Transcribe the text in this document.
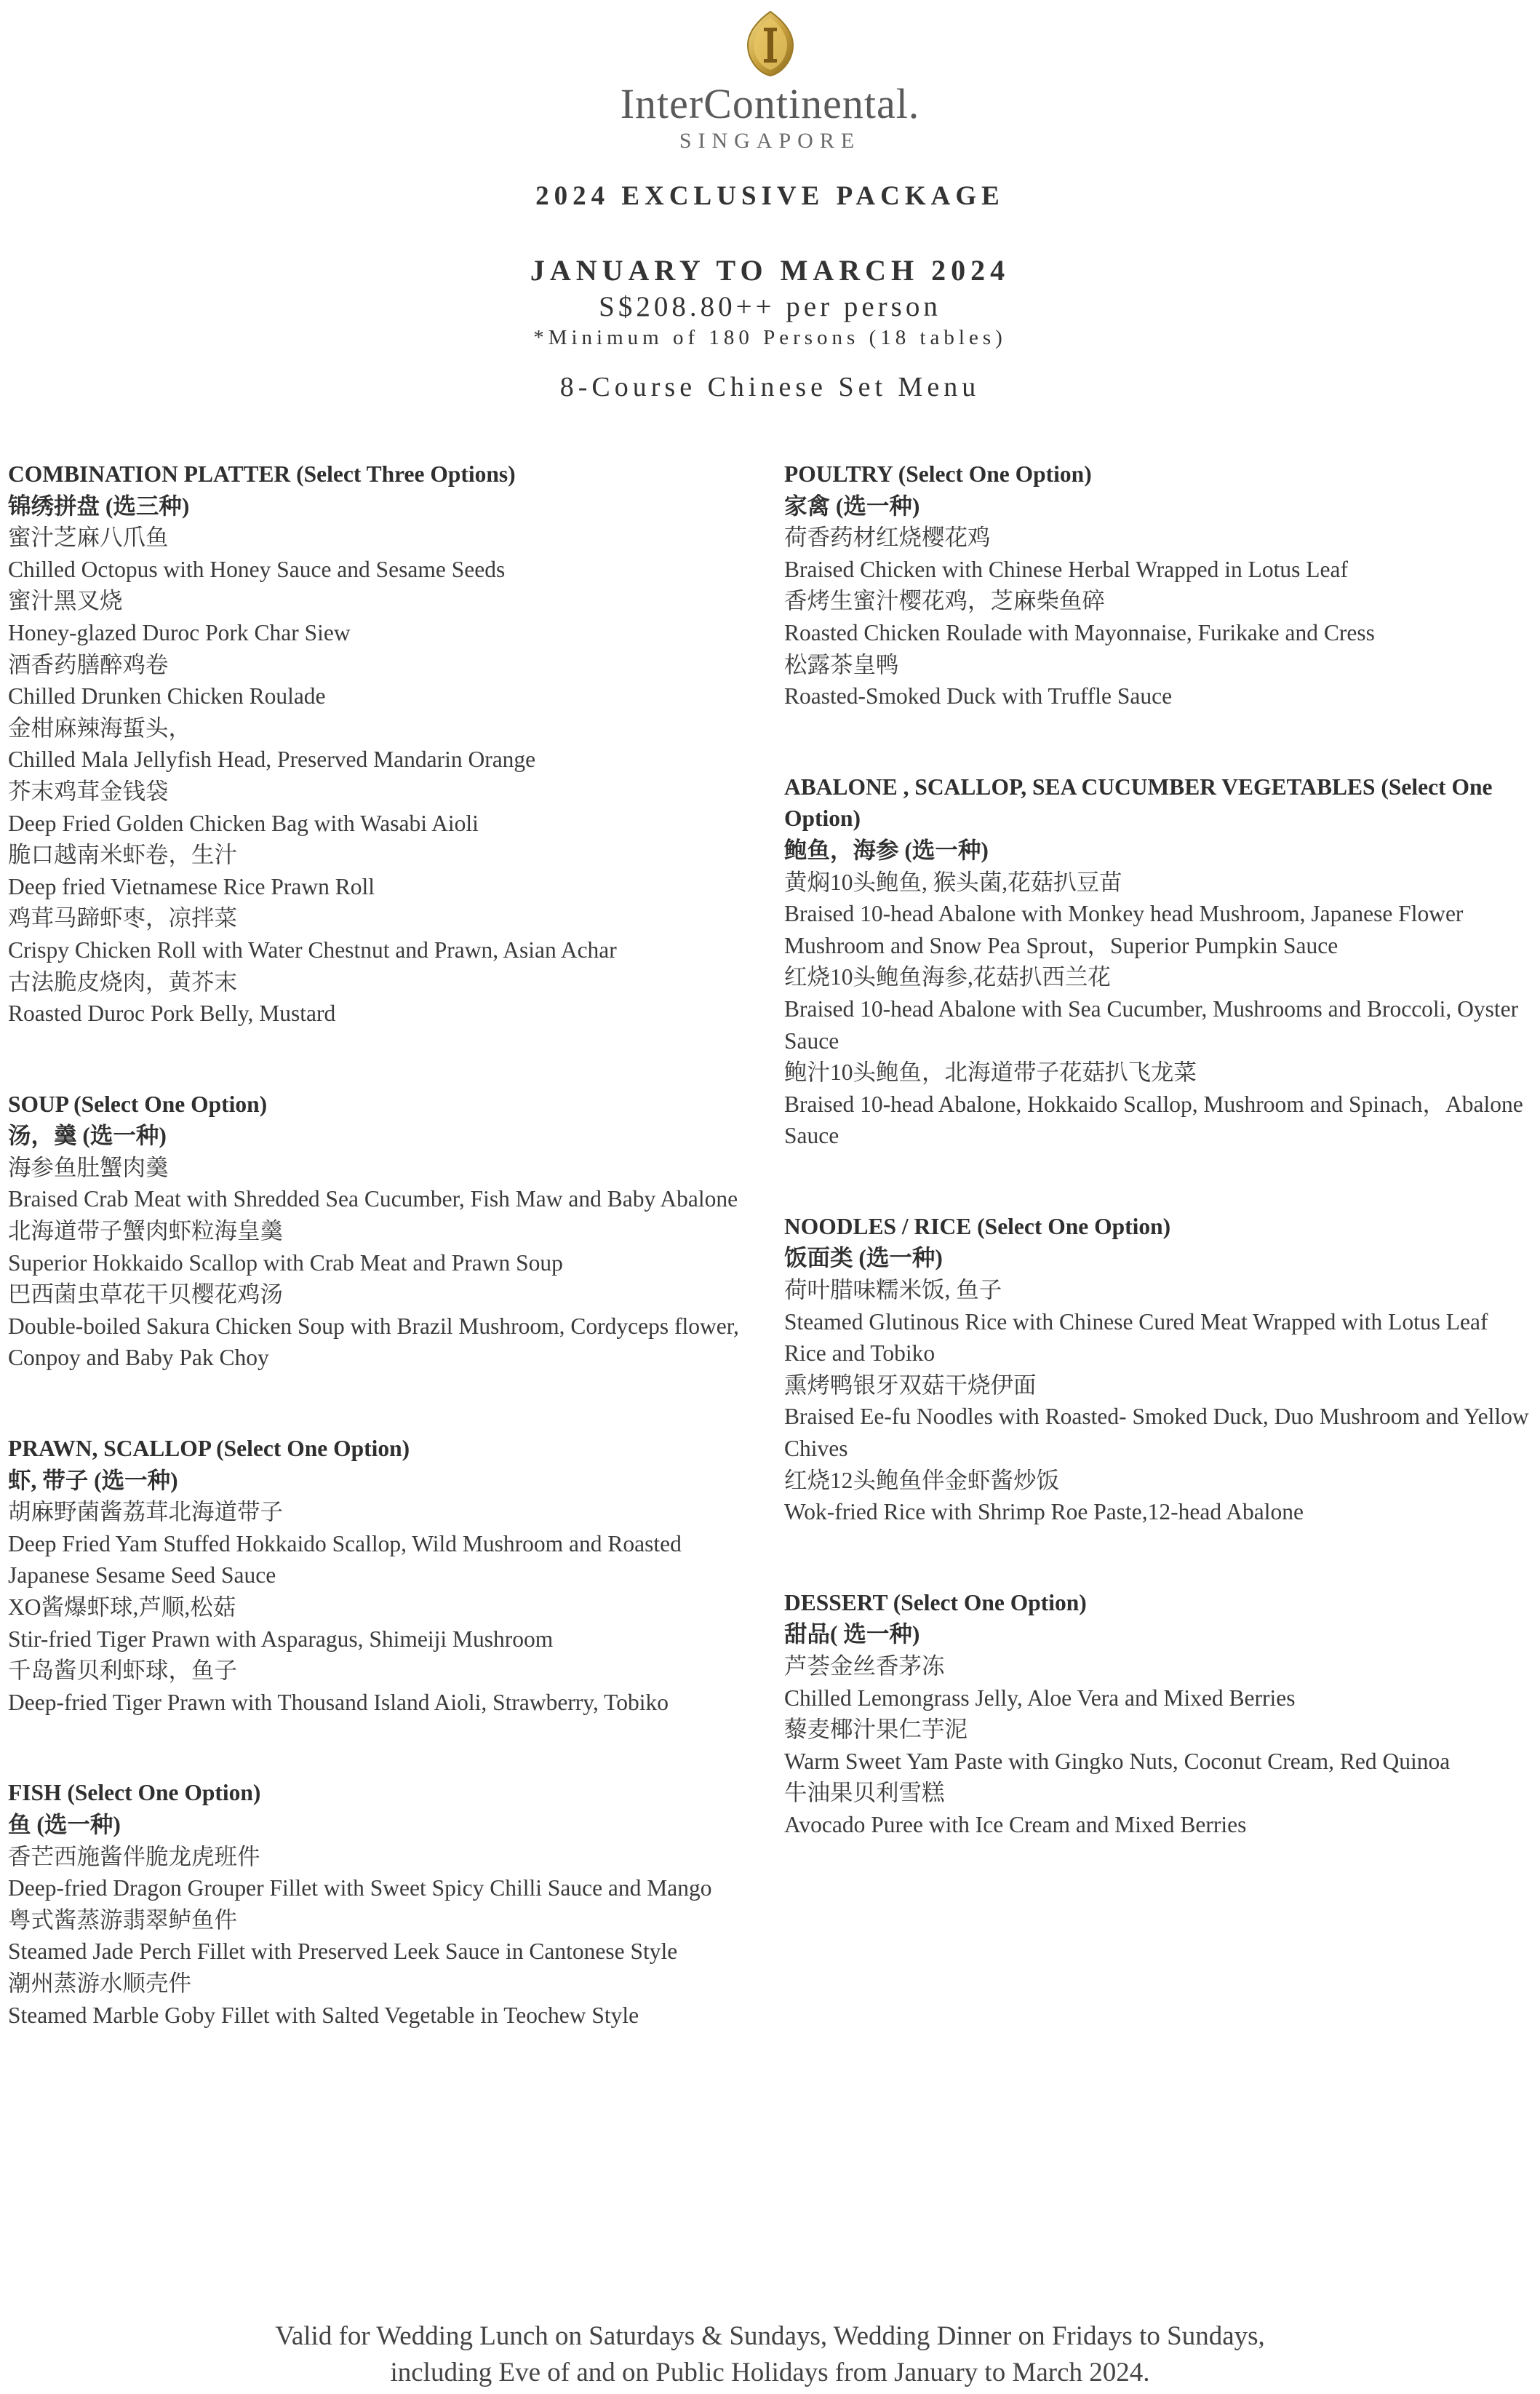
InterContinental.
SINGAPORE
2024 EXCLUSIVE PACKAGE
JANUARY TO MARCH 2024
S$208.80++ per person
*Minimum of 180 Persons (18 tables)
8-Course Chinese Set Menu
COMBINATION PLATTER (Select Three Options)
锦绣拼盘 (选三种)
蜜汁芝麻八爪鱼
Chilled Octopus with Honey Sauce and Sesame Seeds
蜜汁黑叉烧
Honey-glazed Duroc Pork Char Siew
酒香药膳醉鸡卷
Chilled Drunken Chicken Roulade
金柑麻辣海蜇头，
Chilled Mala Jellyfish Head, Preserved Mandarin Orange
芥末鸡茸金钱袋
Deep Fried Golden Chicken Bag with Wasabi Aioli
脆口越南米虾卷，生汁
Deep fried Vietnamese Rice Prawn Roll
鸡茸马蹄虾枣，凉拌菜
Crispy Chicken Roll with Water Chestnut and Prawn, Asian Achar
古法脆皮烧肉，黄芥末
Roasted Duroc Pork Belly, Mustard
SOUP (Select One Option)
汤，羹 (选一种)
海参鱼肚蟹肉羹
Braised Crab Meat with Shredded Sea Cucumber, Fish Maw and Baby Abalone
北海道带子蟹肉虾粒海皇羹
Superior Hokkaido Scallop with Crab Meat and Prawn Soup
巴西菌虫草花干贝樱花鸡汤
Double-boiled Sakura Chicken Soup with Brazil Mushroom, Cordyceps flower, Conpoy and Baby Pak Choy
PRAWN, SCALLOP (Select One Option)
虾, 带子 (选一种)
胡麻野菌酱荔茸北海道带子
Deep Fried Yam Stuffed Hokkaido Scallop, Wild Mushroom and Roasted Japanese Sesame Seed Sauce
XO酱爆虾球,芦顺,松菇
Stir-fried Tiger Prawn with Asparagus, Shimeiji Mushroom
千岛酱贝利虾球，鱼子
Deep-fried Tiger Prawn with Thousand Island Aioli, Strawberry, Tobiko
FISH (Select One Option)
鱼 (选一种)
香芒西施酱伴脆龙虎班件
Deep-fried Dragon Grouper Fillet with Sweet Spicy Chilli Sauce and Mango
粤式酱蒸游翡翠鲈鱼件
Steamed Jade Perch Fillet with Preserved Leek Sauce in Cantonese Style
潮州蒸游水顺壳件
Steamed Marble Goby Fillet with Salted Vegetable in Teochew Style
POULTRY (Select One Option)
家禽 (选一种)
荷香药材红烧樱花鸡
Braised Chicken with Chinese Herbal Wrapped in Lotus Leaf
香烤生蜜汁樱花鸡，芝麻柴鱼碎
Roasted Chicken Roulade with Mayonnaise, Furikake and Cress
松露茶皇鸭
Roasted-Smoked Duck with Truffle Sauce
ABALONE , SCALLOP, SEA CUCUMBER VEGETABLES (Select One Option)
鲍鱼，海参 (选一种)
黄焖10头鲍鱼, 猴头菌,花菇扒豆苗
Braised 10-head Abalone with Monkey head Mushroom, Japanese Flower Mushroom and Snow Pea Sprout，Superior Pumpkin Sauce
红烧10头鲍鱼海参,花菇扒西兰花
Braised 10-head Abalone with Sea Cucumber, Mushrooms and Broccoli, Oyster Sauce
鲍汁10头鲍鱼，北海道带子花菇扒飞龙菜
Braised 10-head Abalone, Hokkaido Scallop, Mushroom and Spinach，Abalone Sauce
NOODLES / RICE (Select One Option)
饭面类 (选一种)
荷叶腊味糯米饭, 鱼子
Steamed Glutinous Rice with Chinese Cured Meat Wrapped with Lotus Leaf Rice and Tobiko
熏烤鸭银牙双菇干烧伊面
Braised Ee-fu Noodles with Roasted- Smoked Duck, Duo Mushroom and Yellow Chives
红烧12头鲍鱼伴金虾酱炒饭
Wok-fried Rice with Shrimp Roe Paste,12-head Abalone
DESSERT (Select One Option)
甜品( 选一种)
芦荟金丝香茅冻
Chilled Lemongrass Jelly, Aloe Vera and Mixed Berries
藜麦椰汁果仁芋泥
Warm Sweet Yam Paste with Gingko Nuts, Coconut Cream, Red Quinoa
牛油果贝利雪糕
Avocado Puree with Ice Cream and Mixed Berries
Valid for Wedding Lunch on Saturdays & Sundays, Wedding Dinner on Fridays to Sundays,
including Eve of and on Public Holidays from January to March 2024.
